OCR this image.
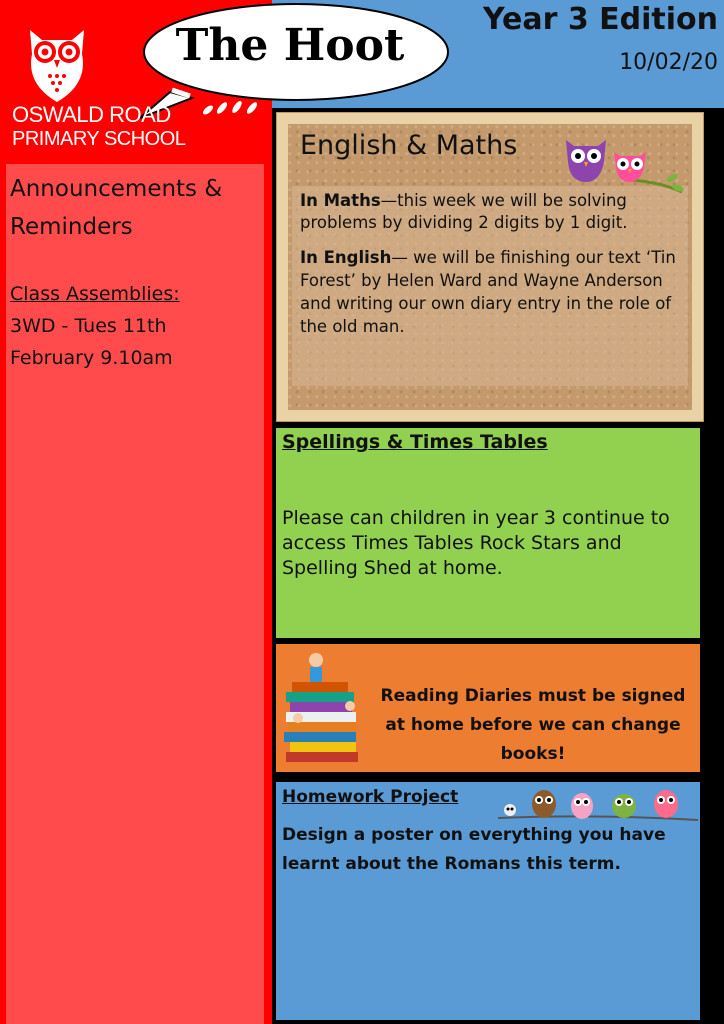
Year 3 Edition
10/02/20
The Hoot
OSWALD ROAD
PRIMARY SCHOOL

Announcements & Reminders

Class Assemblies:

3WD - Tues 11th

February 9.10am

English & Maths
In Maths—this week we will be solving problems by dividing 2 digits by 1 digit.
In English— we will be finishing our text ‘Tin Forest’ by Helen Ward and Wayne Anderson and writing our own diary entry in the role of the old man.
Spellings & Times Tables
Please can children in year 3 continue to access Times Tables Rock Stars and Spelling Shed at home.
Reading Diaries must be signed at home before we can change books!
Homework Project
Design a poster on everything you have learnt about the Romans this term.
